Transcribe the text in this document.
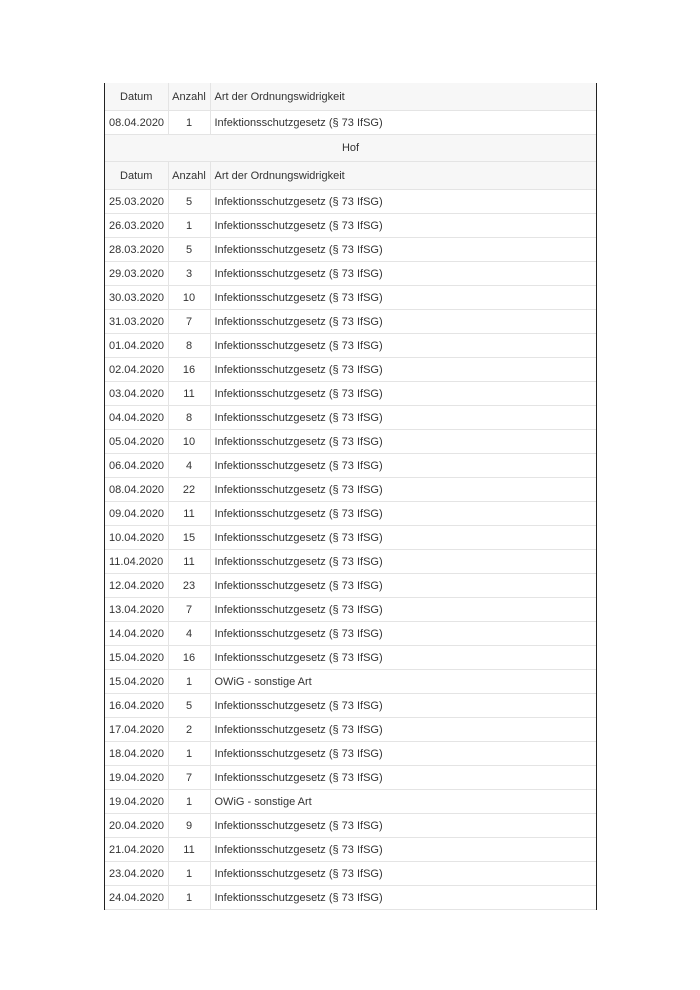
Datum	Anzahl	Art der Ordnungswidrigkeit
08.04.2020	1	Infektionsschutzgesetz (§ 73 IfSG)
Hof		
Datum	Anzahl	Art der Ordnungswidrigkeit
25.03.2020	5	Infektionsschutzgesetz (§ 73 IfSG)
26.03.2020	1	Infektionsschutzgesetz (§ 73 IfSG)
28.03.2020	5	Infektionsschutzgesetz (§ 73 IfSG)
29.03.2020	3	Infektionsschutzgesetz (§ 73 IfSG)
30.03.2020	10	Infektionsschutzgesetz (§ 73 IfSG)
31.03.2020	7	Infektionsschutzgesetz (§ 73 IfSG)
01.04.2020	8	Infektionsschutzgesetz (§ 73 IfSG)
02.04.2020	16	Infektionsschutzgesetz (§ 73 IfSG)
03.04.2020	11	Infektionsschutzgesetz (§ 73 IfSG)
04.04.2020	8	Infektionsschutzgesetz (§ 73 IfSG)
05.04.2020	10	Infektionsschutzgesetz (§ 73 IfSG)
06.04.2020	4	Infektionsschutzgesetz (§ 73 IfSG)
08.04.2020	22	Infektionsschutzgesetz (§ 73 IfSG)
09.04.2020	11	Infektionsschutzgesetz (§ 73 IfSG)
10.04.2020	15	Infektionsschutzgesetz (§ 73 IfSG)
11.04.2020	11	Infektionsschutzgesetz (§ 73 IfSG)
12.04.2020	23	Infektionsschutzgesetz (§ 73 IfSG)
13.04.2020	7	Infektionsschutzgesetz (§ 73 IfSG)
14.04.2020	4	Infektionsschutzgesetz (§ 73 IfSG)
15.04.2020	16	Infektionsschutzgesetz (§ 73 IfSG)
15.04.2020	1	OWiG - sonstige Art
16.04.2020	5	Infektionsschutzgesetz (§ 73 IfSG)
17.04.2020	2	Infektionsschutzgesetz (§ 73 IfSG)
18.04.2020	1	Infektionsschutzgesetz (§ 73 IfSG)
19.04.2020	7	Infektionsschutzgesetz (§ 73 IfSG)
19.04.2020	1	OWiG - sonstige Art
20.04.2020	9	Infektionsschutzgesetz (§ 73 IfSG)
21.04.2020	11	Infektionsschutzgesetz (§ 73 IfSG)
23.04.2020	1	Infektionsschutzgesetz (§ 73 IfSG)
24.04.2020	1	Infektionsschutzgesetz (§ 73 IfSG)
